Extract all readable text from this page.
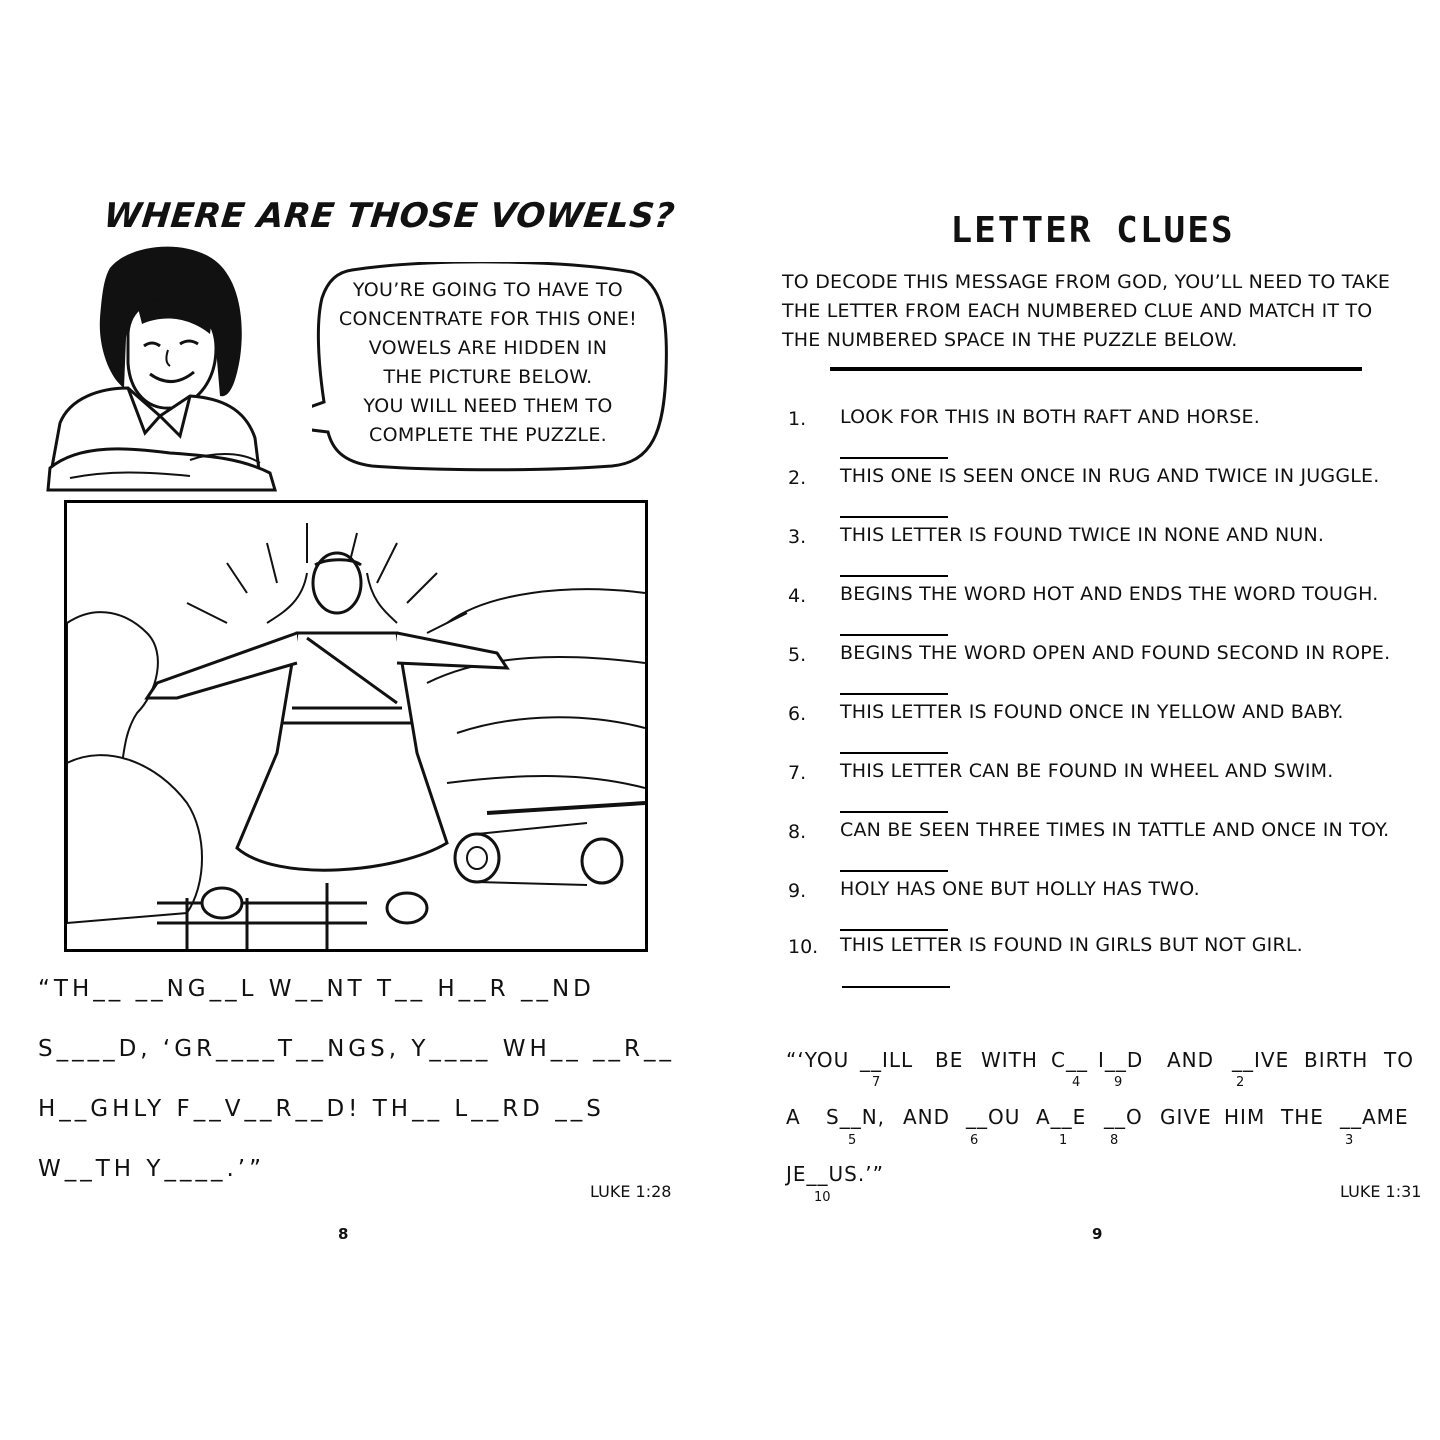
WHERE ARE THOSE VOWELS?
YOU’RE GOING TO HAVE TO
CONCENTRATE FOR THIS ONE!
VOWELS ARE HIDDEN IN
THE PICTURE BELOW.
YOU WILL NEED THEM TO
COMPLETE THE PUZZLE.
“TH__ __NG__L W__NT T__ H__R __ND
S____D, ‘GR____T__NGS, Y____ WH__ __R__
H__GHLY F__V__R__D! TH__ L__RD __S
W__TH Y____.’”
LUKE 1:28
8
LETTER CLUES
TO DECODE THIS MESSAGE FROM GOD, YOU’LL NEED TO TAKE
THE LETTER FROM EACH NUMBERED CLUE AND MATCH IT TO
THE NUMBERED SPACE IN THE PUZZLE BELOW.
1. LOOK FOR THIS IN BOTH RAFT AND HORSE.
2. THIS ONE IS SEEN ONCE IN RUG AND TWICE IN JUGGLE.
3. THIS LETTER IS FOUND TWICE IN NONE AND NUN.
4. BEGINS THE WORD HOT AND ENDS THE WORD TOUGH.
5. BEGINS THE WORD OPEN AND FOUND SECOND IN ROPE.
6. THIS LETTER IS FOUND ONCE IN YELLOW AND BABY.
7. THIS LETTER CAN BE FOUND IN WHEEL AND SWIM.
8. CAN BE SEEN THREE TIMES IN TATTLE AND ONCE IN TOY.
9. HOLY HAS ONE BUT HOLLY HAS TWO.
10. THIS LETTER IS FOUND IN GIRLS BUT NOT GIRL.
“‘YOU __ILL BE WITH C__ I__D AND __IVE BIRTH TO
7	4	9	2
A S__N, AND __OU A__E __O GIVE HIM THE __AME
5	6	1	8	3
JE__US.’”
10	LUKE 1:31
9
